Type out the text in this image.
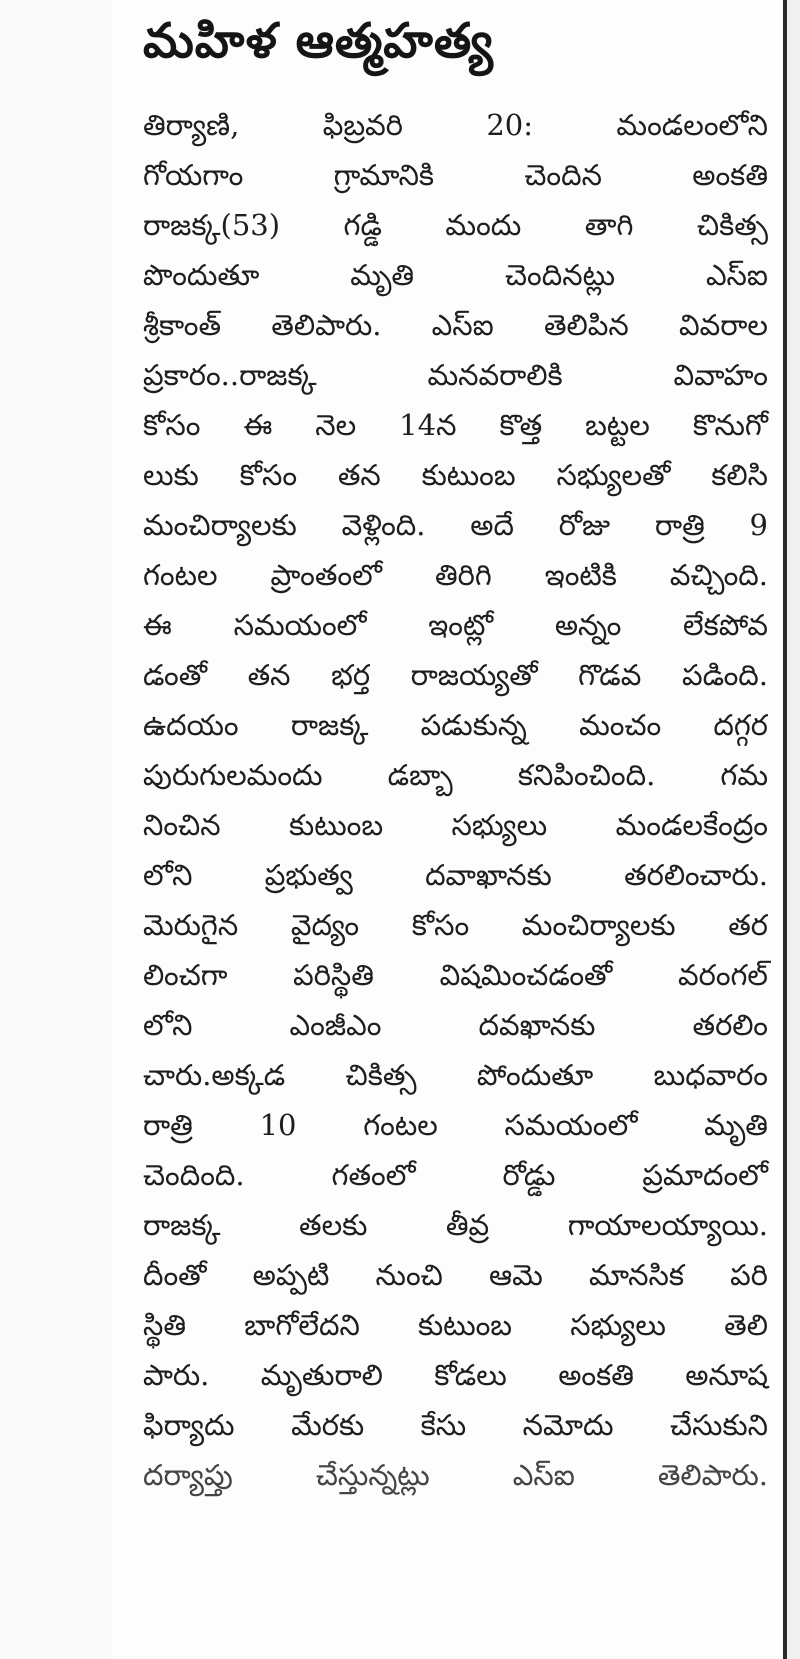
మహిళ ఆత్మహత్య
తిర్యాణి, ఫిబ్రవరి 20: మండలంలోని
గోయగాం గ్రామానికి చెందిన అంకతి
రాజక్క(53) గడ్డి మందు తాగి చికిత్స
పొందుతూ మృతి చెందినట్లు ఎస్ఐ
శ్రీకాంత్ తెలిపారు. ఎస్ఐ తెలిపిన వివరాల
ప్రకారం..రాజక్క మనవరాలికి వివాహం
కోసం ఈ నెల 14న కొత్త బట్టల కొనుగో
లుకు కోసం తన కుటుంబ సభ్యులతో కలిసి
మంచిర్యాలకు వెళ్లింది. అదే రోజు రాత్రి 9
గంటల ప్రాంతంలో తిరిగి ఇంటికి వచ్చింది.
ఈ సమయంలో ఇంట్లో అన్నం లేకపోవ
డంతో తన భర్త రాజయ్యతో గొడవ పడింది.
ఉదయం రాజక్క పడుకున్న మంచం దగ్గర
పురుగులమందు డబ్బా కనిపించింది. గమ
నించిన కుటుంబ సభ్యులు మండలకేంద్రం
లోని ప్రభుత్వ దవాఖానకు తరలించారు.
మెరుగైన వైద్యం కోసం మంచిర్యాలకు తర
లించగా పరిస్థితి విషమించడంతో వరంగల్
లోని ఎంజీఎం దవఖానకు తరలిం
చారు.అక్కడ చికిత్స పోందుతూ బుధవారం
రాత్రి 10 గంటల సమయంలో మృతి
చెందింది. గతంలో రోడ్డు ప్రమాదంలో
రాజక్క తలకు తీవ్ర గాయాలయ్యాయి.
దీంతో అప్పటి నుంచి ఆమె మానసిక పరి
స్థితి బాగోలేదని కుటుంబ సభ్యులు తెలి
పారు. మృతురాలి కోడలు అంకతి అనూష
ఫిర్యాదు మేరకు కేసు నమోదు చేసుకుని
దర్యాప్తు చేస్తున్నట్లు ఎస్ఐ తెలిపారు.
